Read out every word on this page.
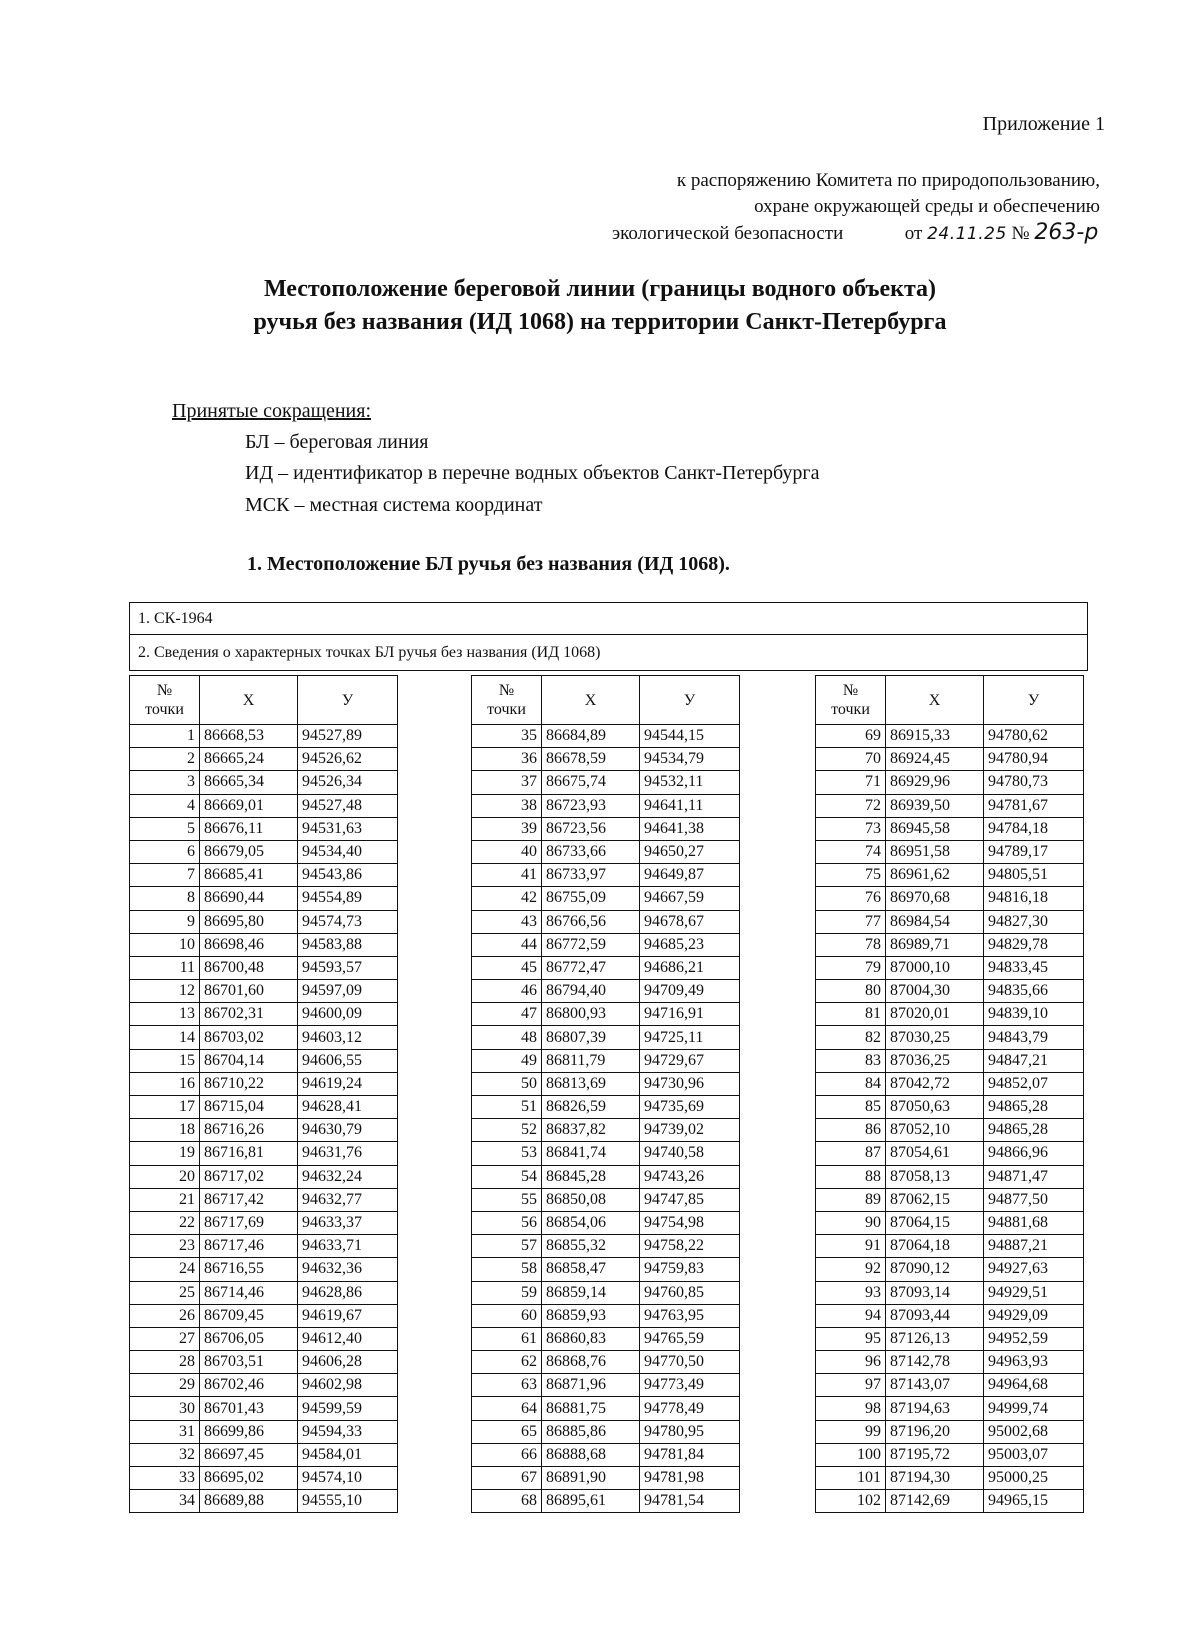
Приложение 1
к распоряжению Комитета по природопользованию,
охране окружающей среды и обеспечению
экологической безопасности	от 24.11.25 № 263-р
Местоположение береговой линии (границы водного объекта)
ручья без названия (ИД 1068) на территории Санкт-Петербурга
Принятые сокращения:
БЛ – береговая линия
ИД – идентификатор в перечне водных объектов Санкт-Петербурга
МСК – местная система координат
1. Местоположение БЛ ручья без названия (ИД 1068).
1. СК-1964
2. Сведения о характерных точках БЛ ручья без названия (ИД 1068)
№
точки	X	У
1	86668,53	94527,89
2	86665,24	94526,62
3	86665,34	94526,34
4	86669,01	94527,48
5	86676,11	94531,63
6	86679,05	94534,40
7	86685,41	94543,86
8	86690,44	94554,89
9	86695,80	94574,73
10	86698,46	94583,88
11	86700,48	94593,57
12	86701,60	94597,09
13	86702,31	94600,09
14	86703,02	94603,12
15	86704,14	94606,55
16	86710,22	94619,24
17	86715,04	94628,41
18	86716,26	94630,79
19	86716,81	94631,76
20	86717,02	94632,24
21	86717,42	94632,77
22	86717,69	94633,37
23	86717,46	94633,71
24	86716,55	94632,36
25	86714,46	94628,86
26	86709,45	94619,67
27	86706,05	94612,40
28	86703,51	94606,28
29	86702,46	94602,98
30	86701,43	94599,59
31	86699,86	94594,33
32	86697,45	94584,01
33	86695,02	94574,10
34	86689,88	94555,10
№
точки	X	У
35	86684,89	94544,15
36	86678,59	94534,79
37	86675,74	94532,11
38	86723,93	94641,11
39	86723,56	94641,38
40	86733,66	94650,27
41	86733,97	94649,87
42	86755,09	94667,59
43	86766,56	94678,67
44	86772,59	94685,23
45	86772,47	94686,21
46	86794,40	94709,49
47	86800,93	94716,91
48	86807,39	94725,11
49	86811,79	94729,67
50	86813,69	94730,96
51	86826,59	94735,69
52	86837,82	94739,02
53	86841,74	94740,58
54	86845,28	94743,26
55	86850,08	94747,85
56	86854,06	94754,98
57	86855,32	94758,22
58	86858,47	94759,83
59	86859,14	94760,85
60	86859,93	94763,95
61	86860,83	94765,59
62	86868,76	94770,50
63	86871,96	94773,49
64	86881,75	94778,49
65	86885,86	94780,95
66	86888,68	94781,84
67	86891,90	94781,98
68	86895,61	94781,54
№
точки	X	У
69	86915,33	94780,62
70	86924,45	94780,94
71	86929,96	94780,73
72	86939,50	94781,67
73	86945,58	94784,18
74	86951,58	94789,17
75	86961,62	94805,51
76	86970,68	94816,18
77	86984,54	94827,30
78	86989,71	94829,78
79	87000,10	94833,45
80	87004,30	94835,66
81	87020,01	94839,10
82	87030,25	94843,79
83	87036,25	94847,21
84	87042,72	94852,07
85	87050,63	94865,28
86	87052,10	94865,28
87	87054,61	94866,96
88	87058,13	94871,47
89	87062,15	94877,50
90	87064,15	94881,68
91	87064,18	94887,21
92	87090,12	94927,63
93	87093,14	94929,51
94	87093,44	94929,09
95	87126,13	94952,59
96	87142,78	94963,93
97	87143,07	94964,68
98	87194,63	94999,74
99	87196,20	95002,68
100	87195,72	95003,07
101	87194,30	95000,25
102	87142,69	94965,15
